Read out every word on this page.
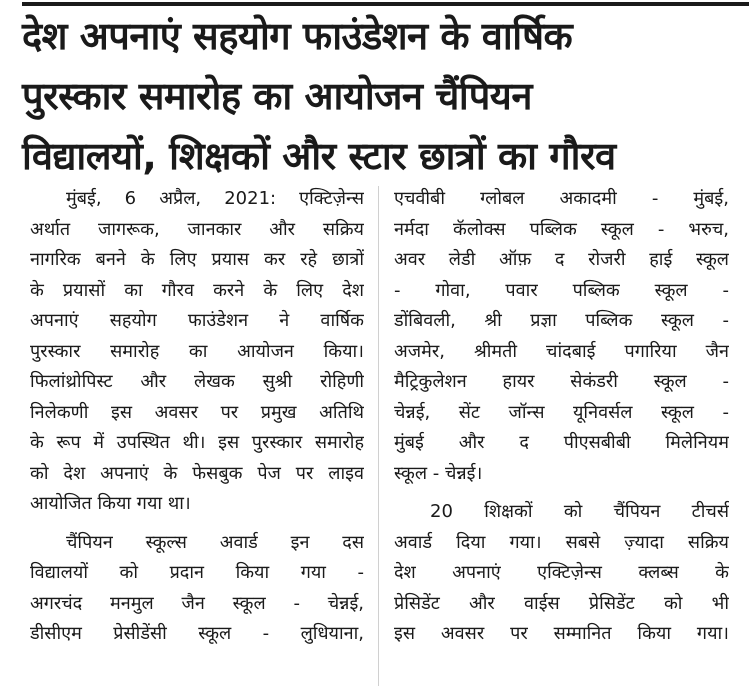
देश अपनाएं सहयोग फाउंडेशन के वार्षिक
पुरस्कार समारोह का आयोजन चैंपियन
विद्यालयों, शिक्षकों और स्टार छात्रों का गौरव
मुंबई, 6 अप्रैल, 2021: एक्टिज़ेन्स
अर्थात जागरूक, जानकार और सक्रिय
नागरिक बनने के लिए प्रयास कर रहे छात्रों
के प्रयासों का गौरव करने के लिए देश
अपनाएं सहयोग फाउंडेशन ने वार्षिक
पुरस्कार समारोह का आयोजन किया।
फिलांथ्रोपिस्ट और लेखक सुश्री रोहिणी
निलेकणी इस अवसर पर प्रमुख अतिथि
के रूप में उपस्थित थी। इस पुरस्कार समारोह
को देश अपनाएं के फेसबुक पेज पर लाइव
आयोजित किया गया था।
चैंपियन स्कूल्स अवार्ड इन दस
विद्यालयों को प्रदान किया गया -
अगरचंद मनमुल जैन स्कूल - चेन्नई,
डीसीएम प्रेसीडेंसी स्कूल - लुधियाना,
एचवीबी ग्लोबल अकादमी - मुंबई,
नर्मदा कॅलोक्स पब्लिक स्कूल - भरुच,
अवर लेडी ऑफ़ द रोजरी हाई स्कूल
- गोवा, पवार पब्लिक स्कूल -
डोंबिवली, श्री प्रज्ञा पब्लिक स्कूल -
अजमेर, श्रीमती चांदबाई पगारिया जैन
मैट्रिकुलेशन हायर सेकंडरी स्कूल -
चेन्नई, सेंट जॉन्स यूनिवर्सल स्कूल -
मुंबई और द पीएसबीबी मिलेनियम
स्कूल - चेन्नई।
20 शिक्षकों को चैंपियन टीचर्स
अवार्ड दिया गया। सबसे ज़्यादा सक्रिय
देश अपनाएं एक्टिज़ेन्स क्लब्स के
प्रेसिडेंट और वाईस प्रेसिडेंट को भी
इस अवसर पर सम्मानित किया गया।
